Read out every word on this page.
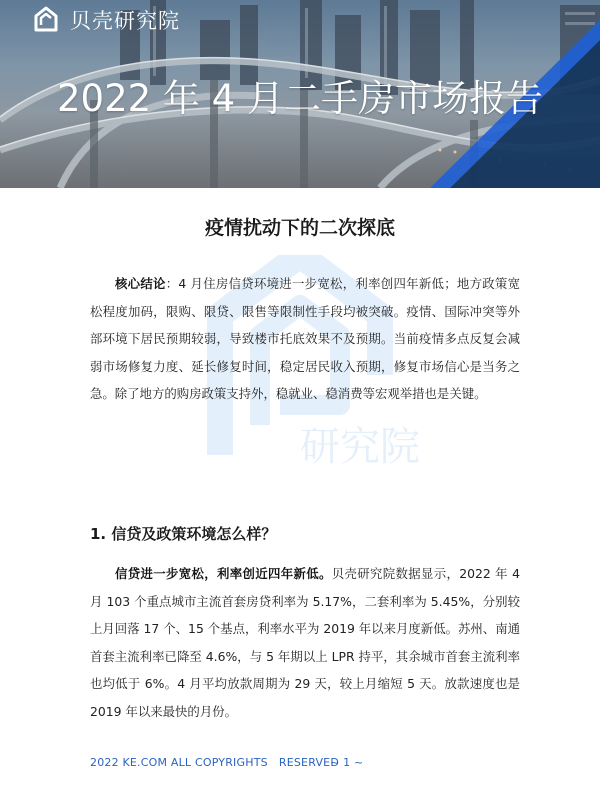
贝壳研究院
2022 年 4 月二手房市场报告
研究院
疫情扰动下的二次探底

核心结论：4 月住房信贷环境进一步宽松，利率创四年新低；地方政策宽松程度加码，限购、限贷、限售等限制性手段均被突破。疫情、国际冲突等外部环境下居民预期较弱，导致楼市托底效果不及预期。当前疫情多点反复会减弱市场修复力度、延长修复时间，稳定居民收入预期，修复市场信心是当务之急。除了地方的购房政策支持外，稳就业、稳消费等宏观举措也是关键。

1. 信贷及政策环境怎么样？

信贷进一步宽松，利率创近四年新低。贝壳研究院数据显示，2022 年 4 月 103 个重点城市主流首套房贷利率为 5.17%，二套利率为 5.45%，分别较上月回落 17 个、15 个基点，利率水平为 2019 年以来月度新低。苏州、南通首套主流利率已降至 4.6%，与 5 年期以上 LPR 持平，其余城市首套主流利率也均低于 6%。4 月平均放款周期为 29 天，较上月缩短 5 天。放款速度也是 2019 年以来最快的月份。

2022 KE.COM ALL COPYRIGHTS   RESERVED
~ 1 ~
